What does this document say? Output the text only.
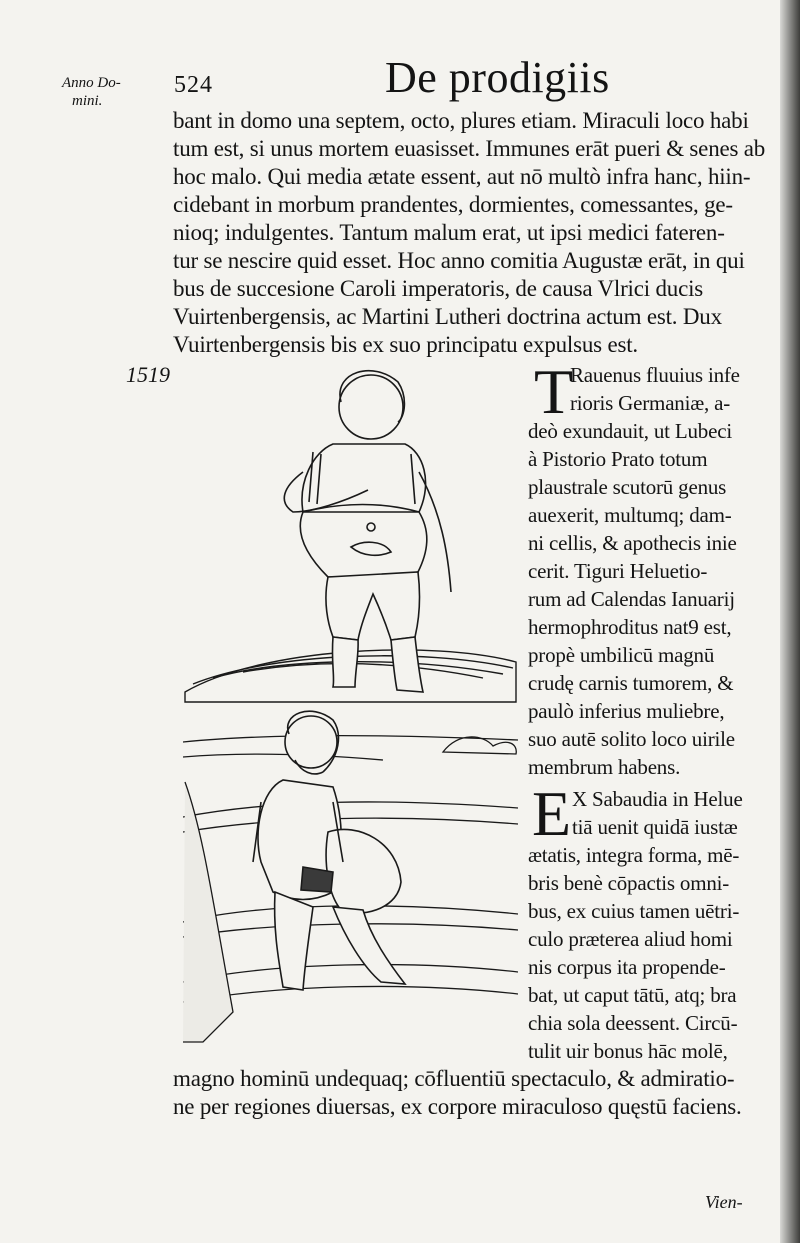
Anno Do-
mini.
524	De prodigiis
bant in domo una septem, octo, plures etiam. Miraculi loco habi
tum est, si unus mortem euasisset. Immunes erāt pueri & senes ab
hoc malo. Qui media ætate essent, aut nō multò infra hanc, hiin-
cidebant in morbum prandentes, dormientes, comessantes, ge-
nioq; indulgentes. Tantum malum erat, ut ipsi medici fateren-
tur se nescire quid esset. Hoc anno comitia Augustæ erāt, in qui
bus de succesione Caroli imperatoris, de causa Vlrici ducis
Vuirtenbergensis, ac Martini Lutheri doctrina actum est. Dux
Vuirtenbergensis bis ex suo principatu expulsus est.
1519	T
Rauenus fluuius infe
rioris Germaniæ, a-
deò exundauit, ut Lubeci
à Pistorio Prato totum
plaustrale scutorū genus
auexerit, multumq; dam-
ni cellis, & apothecis inie
cerit. Tiguri Heluetio-
rum ad Calendas Ianuarij
hermophroditus nat9 est,
propè umbilicū magnū
crudę carnis tumorem, &
paulò inferius muliebre,
suo autē solito loco uirile
membrum habens.
E X Sabaudia in Helue
tiā uenit quidā iustæ
ætatis, integra forma, mē-
bris benè cōpactis omni-
bus, ex cuius tamen uētri-
culo præterea aliud homi
nis corpus ita propende-
bat, ut caput tātū, atq; bra
chia sola deessent. Circū-
tulit uir bonus hāc molē,
magno hominū undequaq; cōfluentiū spectaculo, & admiratio-
ne per regiones diuersas, ex corpore miraculoso quęstū faciens.
Vien-
